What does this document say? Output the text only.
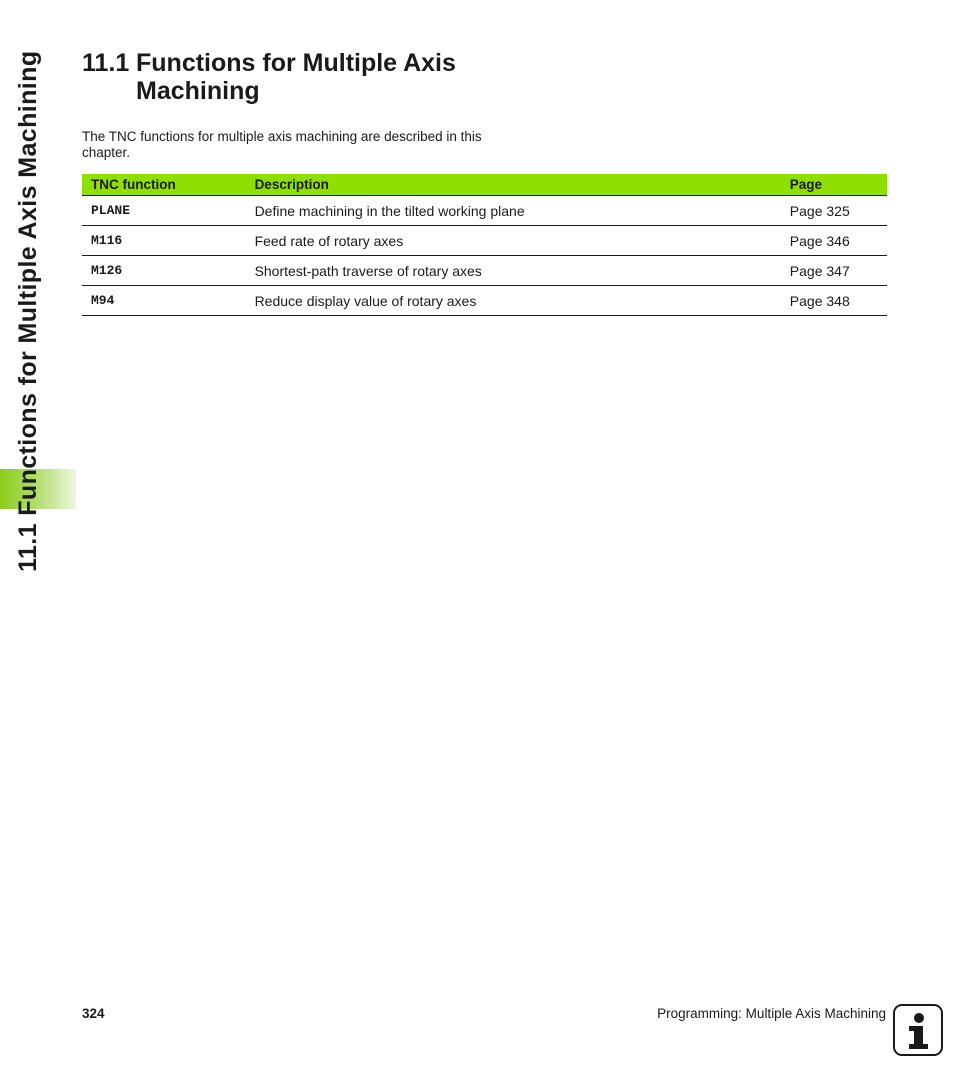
11.1 Functions for Multiple Axis Machining 11.1 Functions for Multiple Axis
Machining

The TNC functions for multiple axis machining are described in this chapter.

TNC function	Description	Page
PLANE	Define machining in the tilted working plane	Page 325
M116	Feed rate of rotary axes	Page 346
M126	Shortest-path traverse of rotary axes	Page 347
M94	Reduce display value of rotary axes	Page 348
324	Programming: Multiple Axis Machining
